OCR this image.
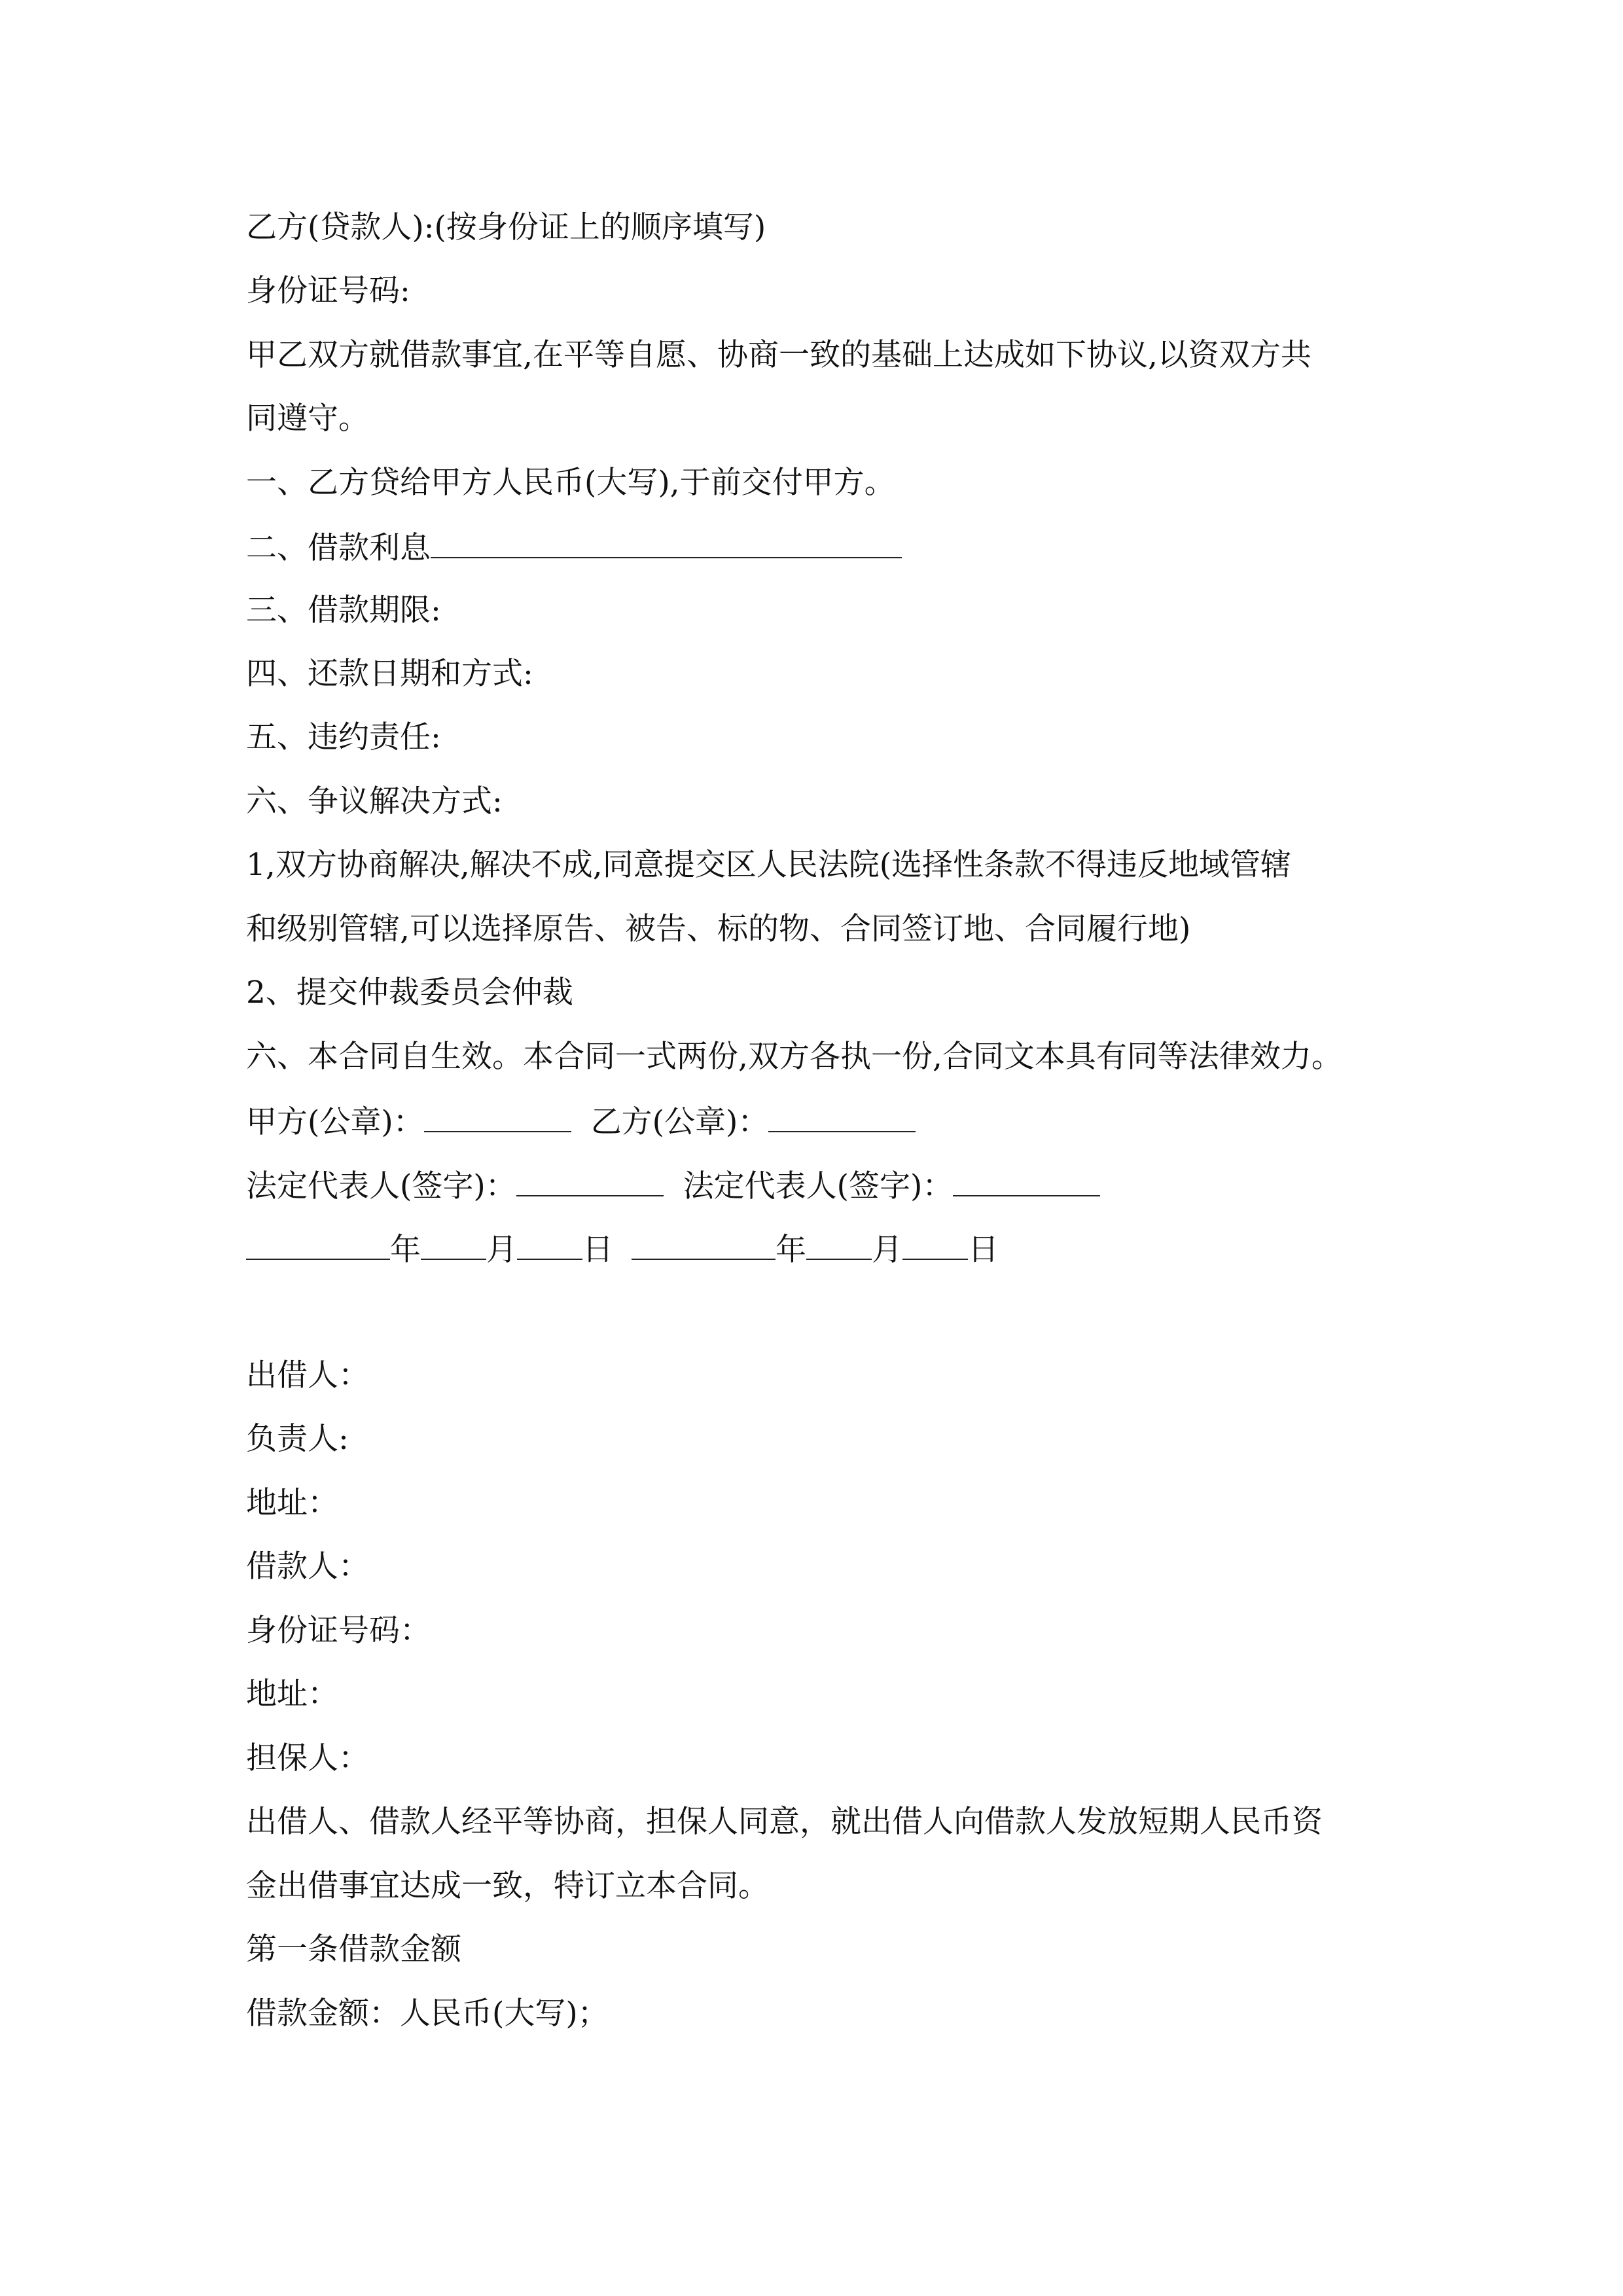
乙方(贷款人):(按身份证上的顺序填写)
身份证号码:
甲乙双方就借款事宜,在平等自愿、协商一致的基础上达成如下协议,以资双方共
同遵守。
一、乙方贷给甲方人民币(大写),于前交付甲方。
二、借款利息
三、借款期限:
四、还款日期和方式:
五、违约责任:
六、争议解决方式:
1,双方协商解决,解决不成,同意提交区人民法院(选择性条款不得违反地域管辖
和级别管辖,可以选择原告、被告、标的物、合同签订地、合同履行地)
2、提交仲裁委员会仲裁
六、本合同自生效。本合同一式两份,双方各执一份,合同文本具有同等法律效力。
甲方(公章)：	乙方(公章)：
法定代表人(签字)：	法定代表人(签字)：
年 月 日	年 月 日
出借人：
负责人:
地址：
借款人：
身份证号码：
地址：
担保人：
出借人、借款人经平等协商，担保人同意，就出借人向借款人发放短期人民币资
金出借事宜达成一致，特订立本合同。
第一条借款金额
借款金额：人民币(大写)；
